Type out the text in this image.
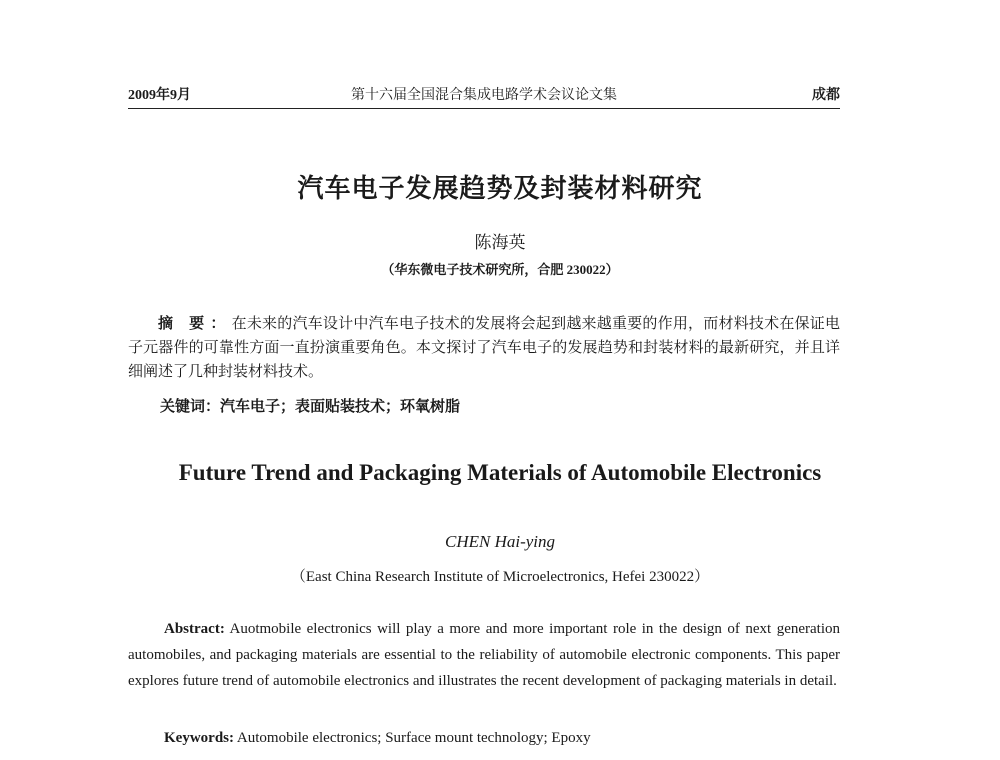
2009年9月	第十六届全国混合集成电路学术会议论文集	成都
汽车电子发展趋势及封装材料研究
陈海英
（华东微电子技术研究所，合肥 230022）

摘 要：在未来的汽车设计中汽车电子技术的发展将会起到越来越重要的作用，而材料技术在保证电子元器件的可靠性方面一直扮演重要角色。本文探讨了汽车电子的发展趋势和封装材料的最新研究，并且详细阐述了几种封装材料技术。

关键词：汽车电子；表面贴装技术；环氧树脂
Future Trend and Packaging Materials of Automobile Electronics
CHEN Hai-ying
（East China Research Institute of Microelectronics, Hefei 230022）

Abstract: Auotmobile electronics will play a more and more important role in the design of next generation automobiles, and packaging materials are essential to the reliability of automobile electronic components. This paper explores future trend of automobile electronics and illustrates the recent development of packaging materials in detail.

Keywords: Automobile electronics; Surface mount technology; Epoxy
